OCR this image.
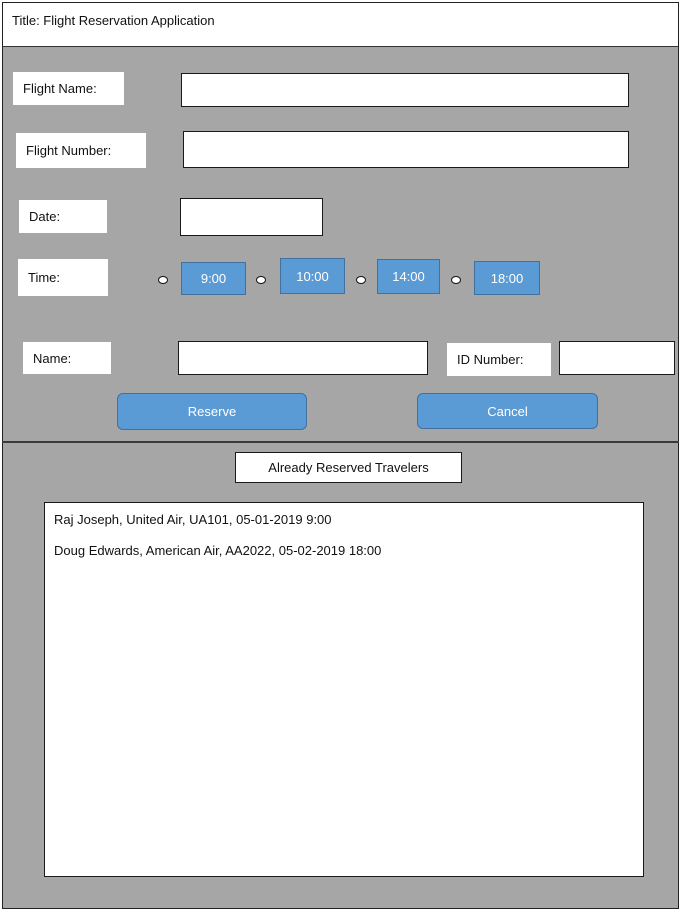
Title: Flight Reservation Application
Flight Name:
Flight Number:
Date:
Time:	9:00	10:00	14:00	18:00
Name:	ID Number:
Reserve	Cancel
Already Reserved Travelers
Raj Joseph, United Air, UA101, 05-01-2019 9:00
Doug Edwards, American Air, AA2022, 05-02-2019 18:00
